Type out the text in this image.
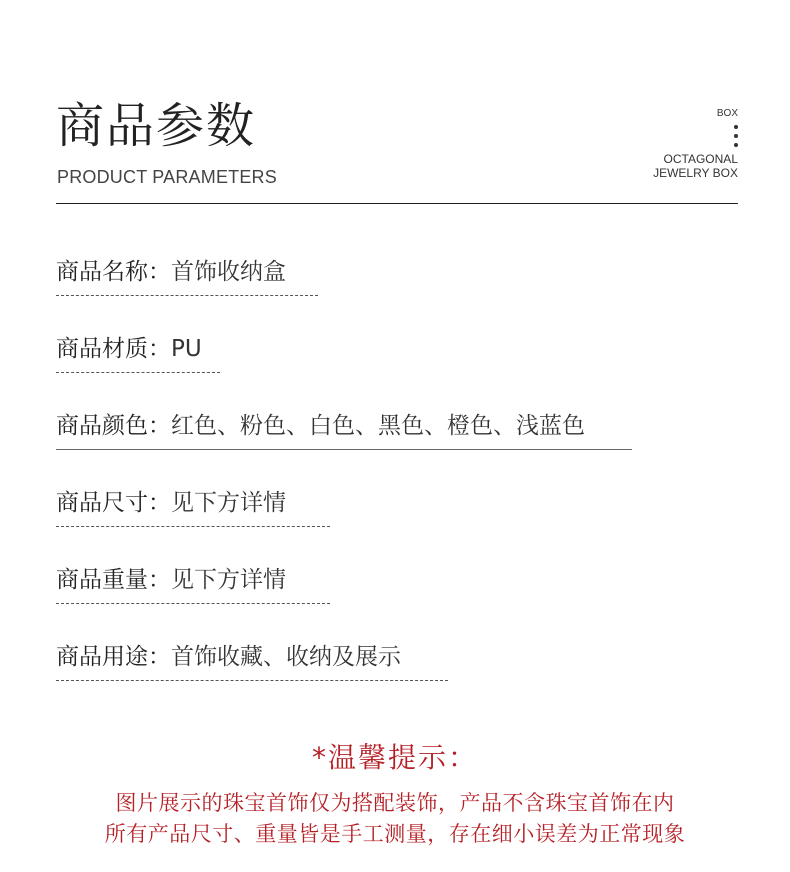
商品参数
PRODUCT PARAMETERS
BOX
OCTAGONAL
JEWELRY BOX
商品名称：首饰收纳盒
商品材质：PU
商品颜色：红色、粉色、白色、黑色、橙色、浅蓝色
商品尺寸：见下方详情
商品重量：见下方详情
商品用途：首饰收藏、收纳及展示
*温馨提示：
图片展示的珠宝首饰仅为搭配装饰，产品不含珠宝首饰在内
所有产品尺寸、重量皆是手工测量，存在细小误差为正常现象
